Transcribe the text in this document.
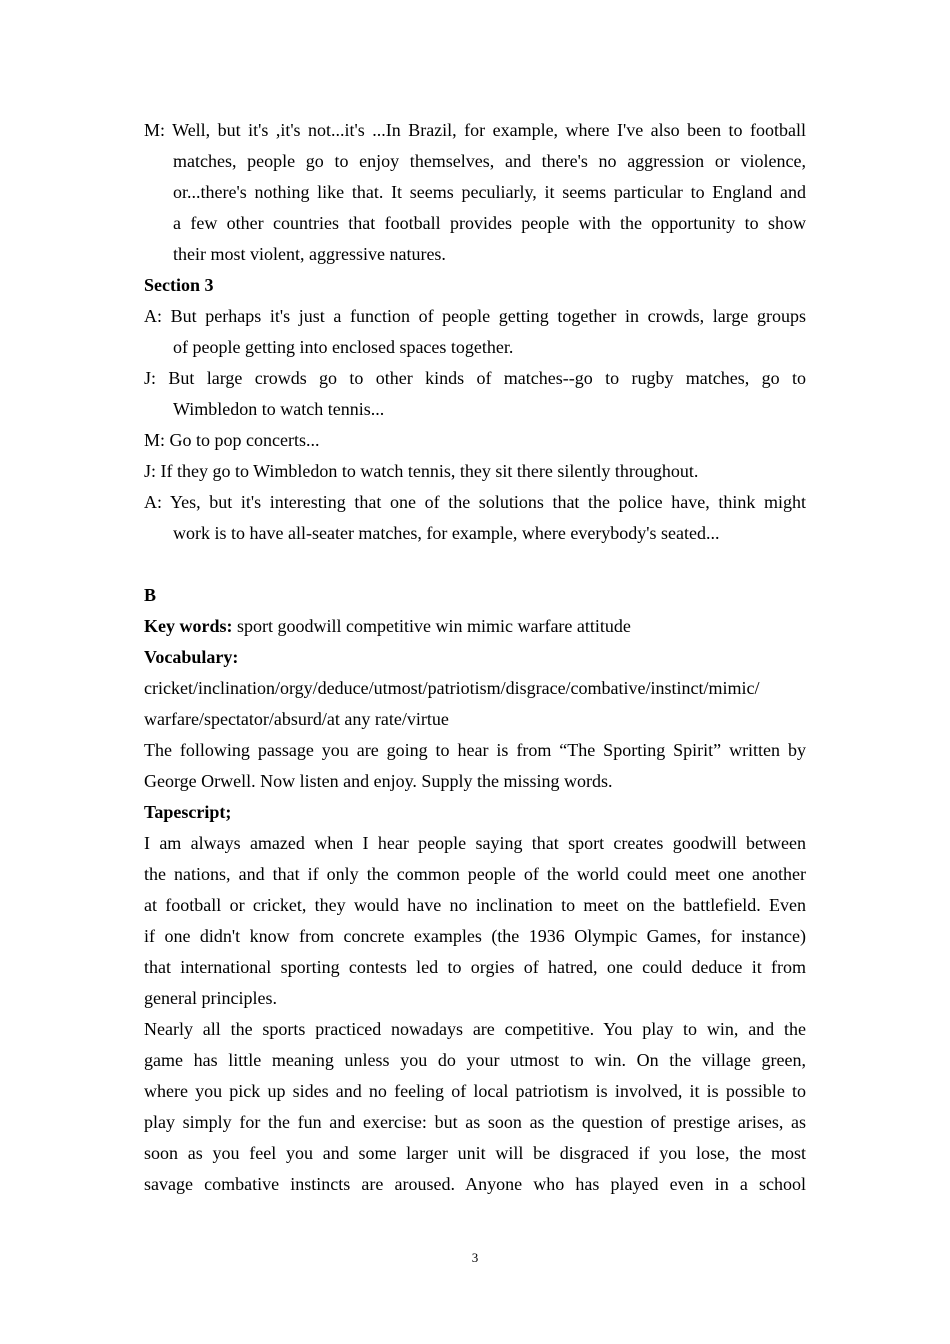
M: Well, but it's ,it's not...it's ...In Brazil, for example, where I've also been to football
matches, people go to enjoy themselves, and there's no aggression or violence,
or...there's nothing like that. It seems peculiarly, it seems particular to England and
a few other countries that football provides people with the opportunity to show
their most violent, aggressive natures.
Section 3
A: But perhaps it's just a function of people getting together in crowds, large groups
of people getting into enclosed spaces together.
J: But large crowds go to other kinds of matches--go to rugby matches, go to
Wimbledon to watch tennis...
M: Go to pop concerts...
J: If they go to Wimbledon to watch tennis, they sit there silently throughout.
A: Yes, but it's interesting that one of the solutions that the police have, think might
work is to have all-seater matches, for example, where everybody's seated...
B
Key words: sport goodwill competitive win mimic warfare attitude
Vocabulary:
cricket/inclination/orgy/deduce/utmost/patriotism/disgrace/combative/instinct/mimic/
warfare/spectator/absurd/at any rate/virtue
The following passage you are going to hear is from “The Sporting Spirit” written by
George Orwell. Now listen and enjoy. Supply the missing words.
Tapescript;
I am always amazed when I hear people saying that sport creates goodwill between
the nations, and that if only the common people of the world could meet one another
at football or cricket, they would have no inclination to meet on the battlefield. Even
if one didn't know from concrete examples (the 1936 Olympic Games, for instance)
that international sporting contests led to orgies of hatred, one could deduce it from
general principles.
Nearly all the sports practiced nowadays are competitive. You play to win, and the
game has little meaning unless you do your utmost to win. On the village green,
where you pick up sides and no feeling of local patriotism is involved, it is possible to
play simply for the fun and exercise: but as soon as the question of prestige arises, as
soon as you feel you and some larger unit will be disgraced if you lose, the most
savage combative instincts are aroused. Anyone who has played even in a school
3
